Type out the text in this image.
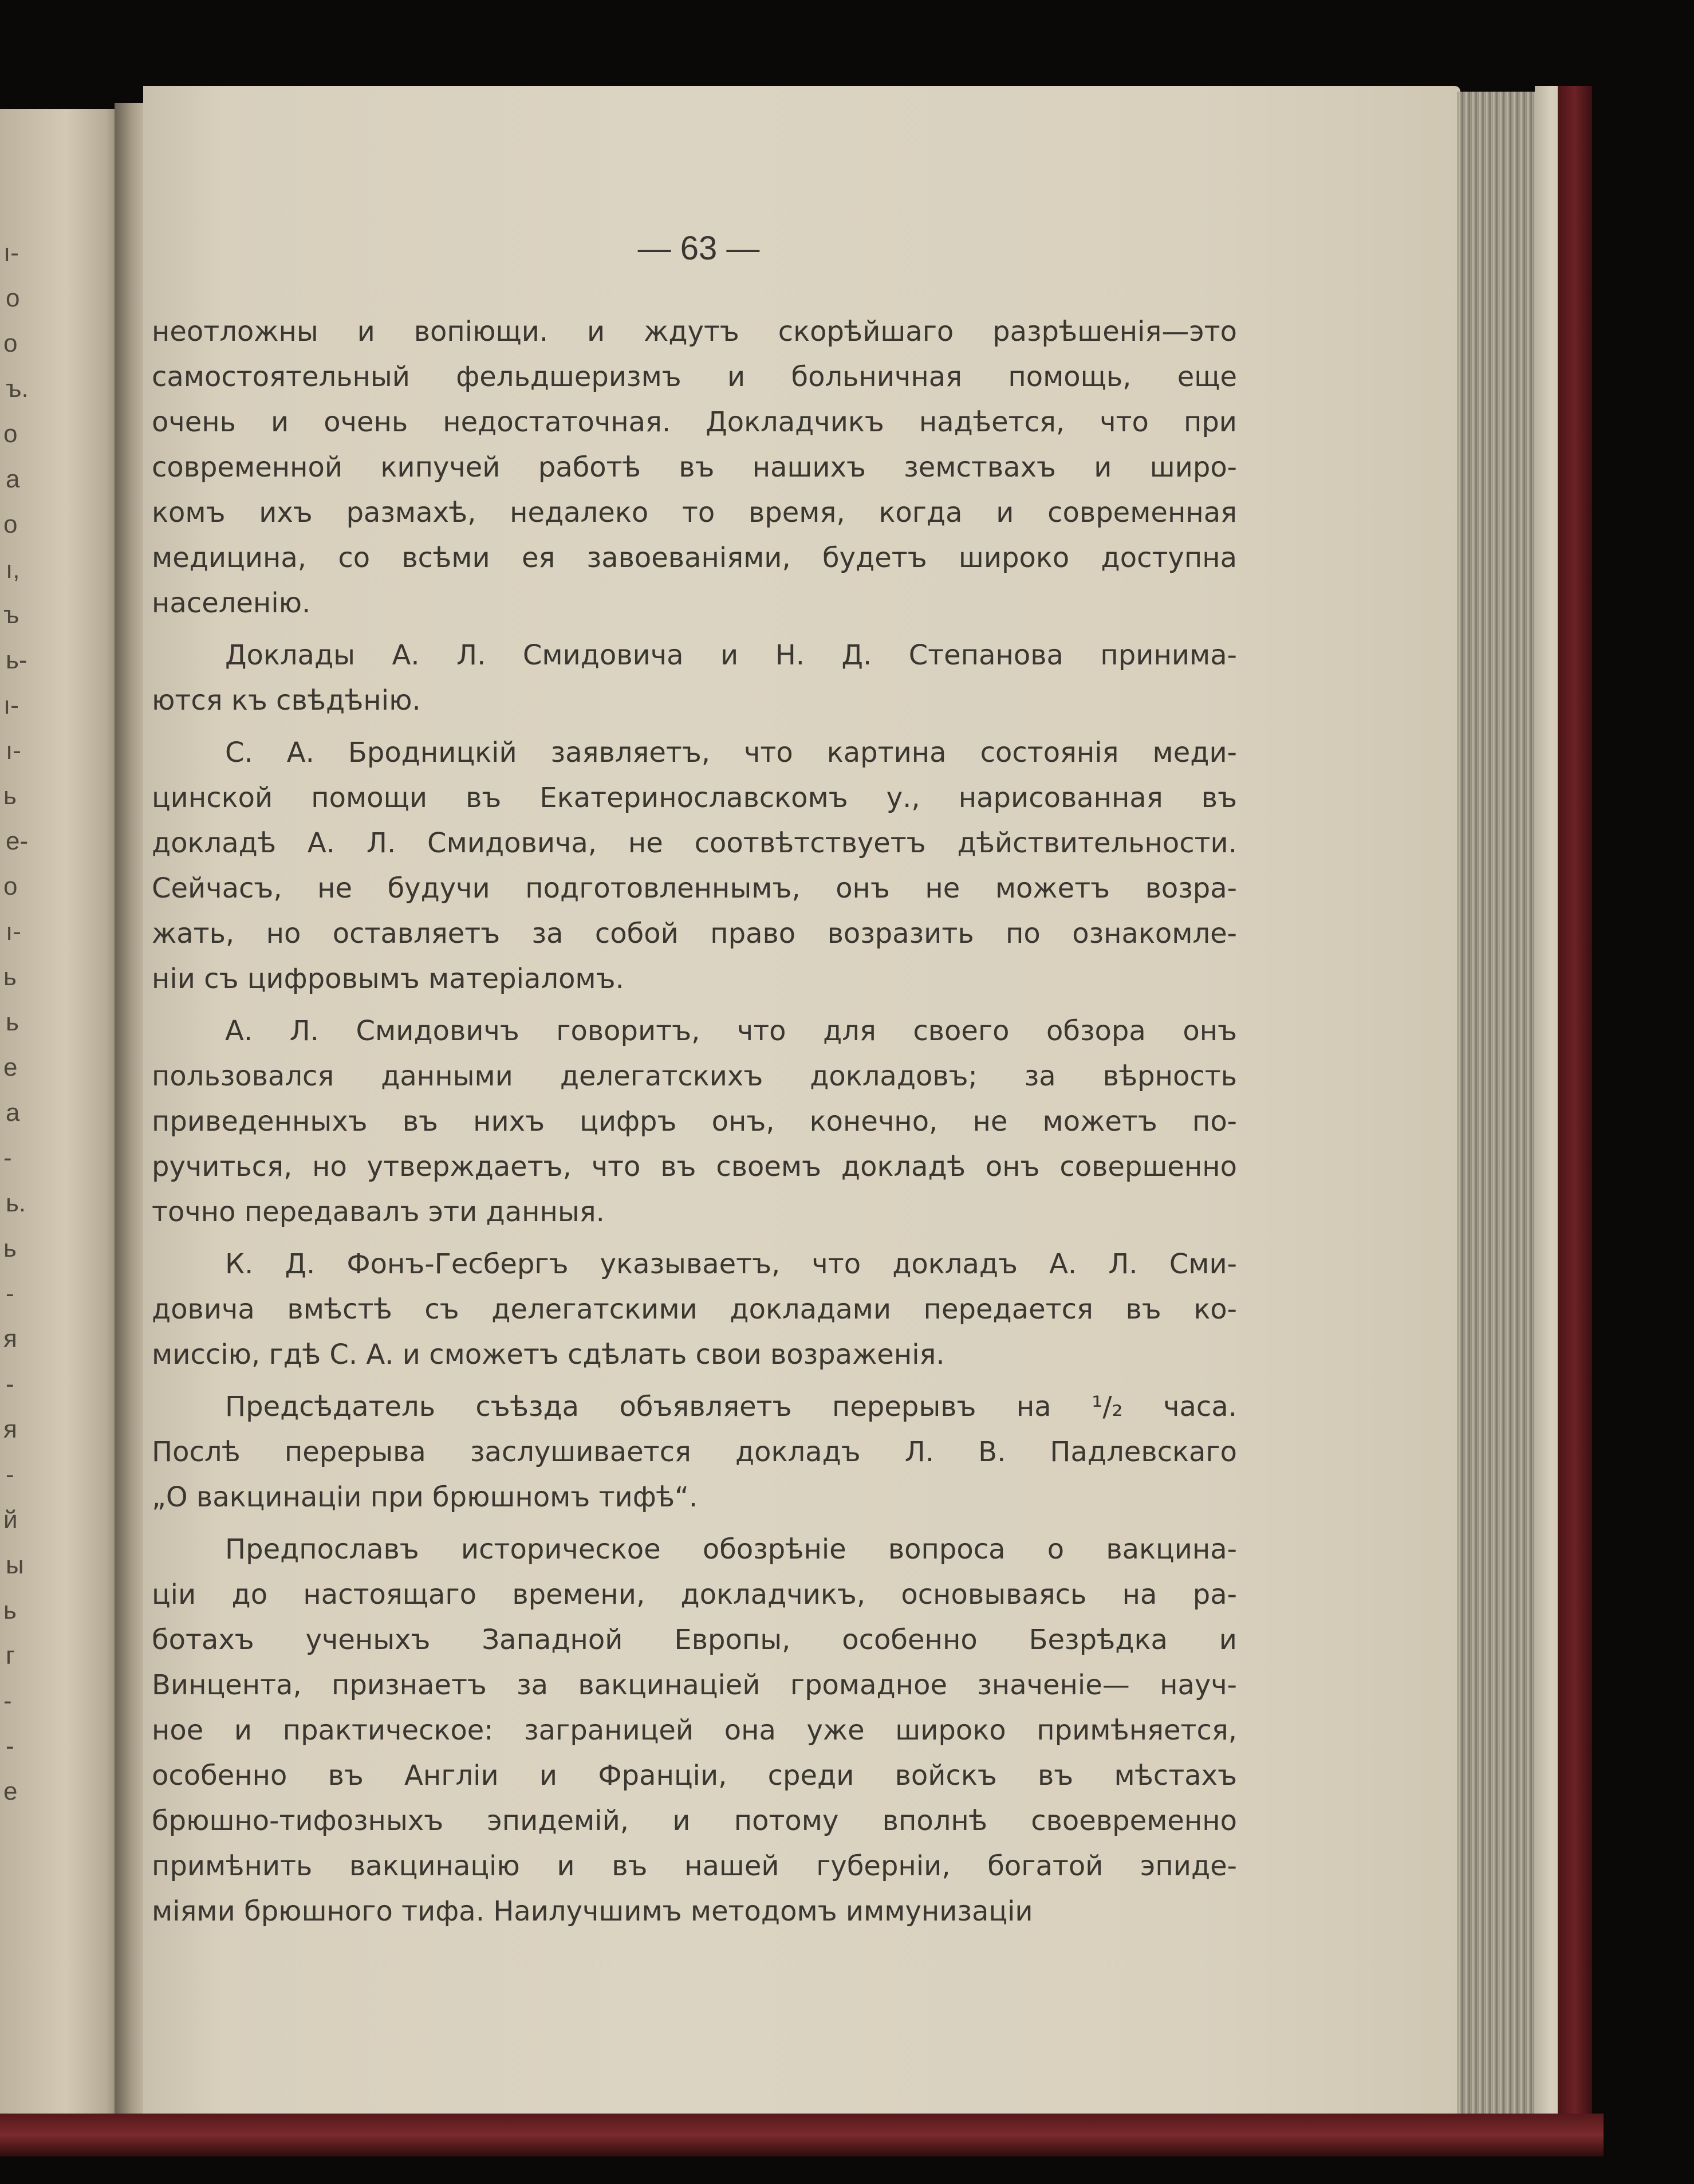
ı-
о
о
ъ.
о
а
о
ı,
ъ
ь-
ı-
ı-
ь
е-
о
ı-
ь
ь
е
а
-
ь.
ь
-
я
-
я
-
й
ы
ь
г
-
-
е
— 63 —
неотложны и вопіющи. и ждутъ скорѣйшаго разрѣшенія—это
самостоятельный фельдшеризмъ и больничная помощь, еще
очень и очень недостаточная. Докладчикъ надѣется, что при
современной кипучей работѣ въ нашихъ земствахъ и широ-
комъ ихъ размахѣ, недалеко то время, когда и современная
медицина, со всѣми ея завоеваніями, будетъ широко доступна
населенію.
Доклады А. Л. Смидовича и Н. Д. Степанова принима-
ются къ свѣдѣнію.
С. А. Бродницкій заявляетъ, что картина состоянія меди-
цинской помощи въ Екатеринославскомъ у., нарисованная въ
докладѣ А. Л. Смидовича, не соотвѣтствуетъ дѣйствительности.
Сейчасъ, не будучи подготовленнымъ, онъ не можетъ возра-
жать, но оставляетъ за собой право возразить по ознакомле-
ніи съ цифровымъ матеріаломъ.
А. Л. Смидовичъ говоритъ, что для своего обзора онъ
пользовался данными делегатскихъ докладовъ; за вѣрность
приведенныхъ въ нихъ цифръ онъ, конечно, не можетъ по-
ручиться, но утверждаетъ, что въ своемъ докладѣ онъ совершенно
точно передавалъ эти данныя.
К. Д. Фонъ-Гесбергъ указываетъ, что докладъ А. Л. Сми-
довича вмѣстѣ съ делегатскими докладами передается въ ко-
миссію, гдѣ С. А. и сможетъ сдѣлать свои возраженія.
Предсѣдатель съѣзда объявляетъ перерывъ на ¹/₂ часа.
Послѣ перерыва заслушивается докладъ Л. В. Падлевскаго
„О вакцинаціи при брюшномъ тифѣ“.
Предпославъ историческое обозрѣніе вопроса о вакцина-
ціи до настоящаго времени, докладчикъ, основываясь на ра-
ботахъ ученыхъ Западной Европы, особенно Безрѣдка и
Винцента, признаетъ за вакцинаціей громадное значеніе— науч-
ное и практическое: заграницей она уже широко примѣняется,
особенно въ Англіи и Франціи, среди войскъ въ мѣстахъ
брюшно-тифозныхъ эпидемій, и потому вполнѣ своевременно
примѣнить вакцинацію и въ нашей губерніи, богатой эпиде-
міями брюшного тифа. Наилучшимъ методомъ иммунизаціи
